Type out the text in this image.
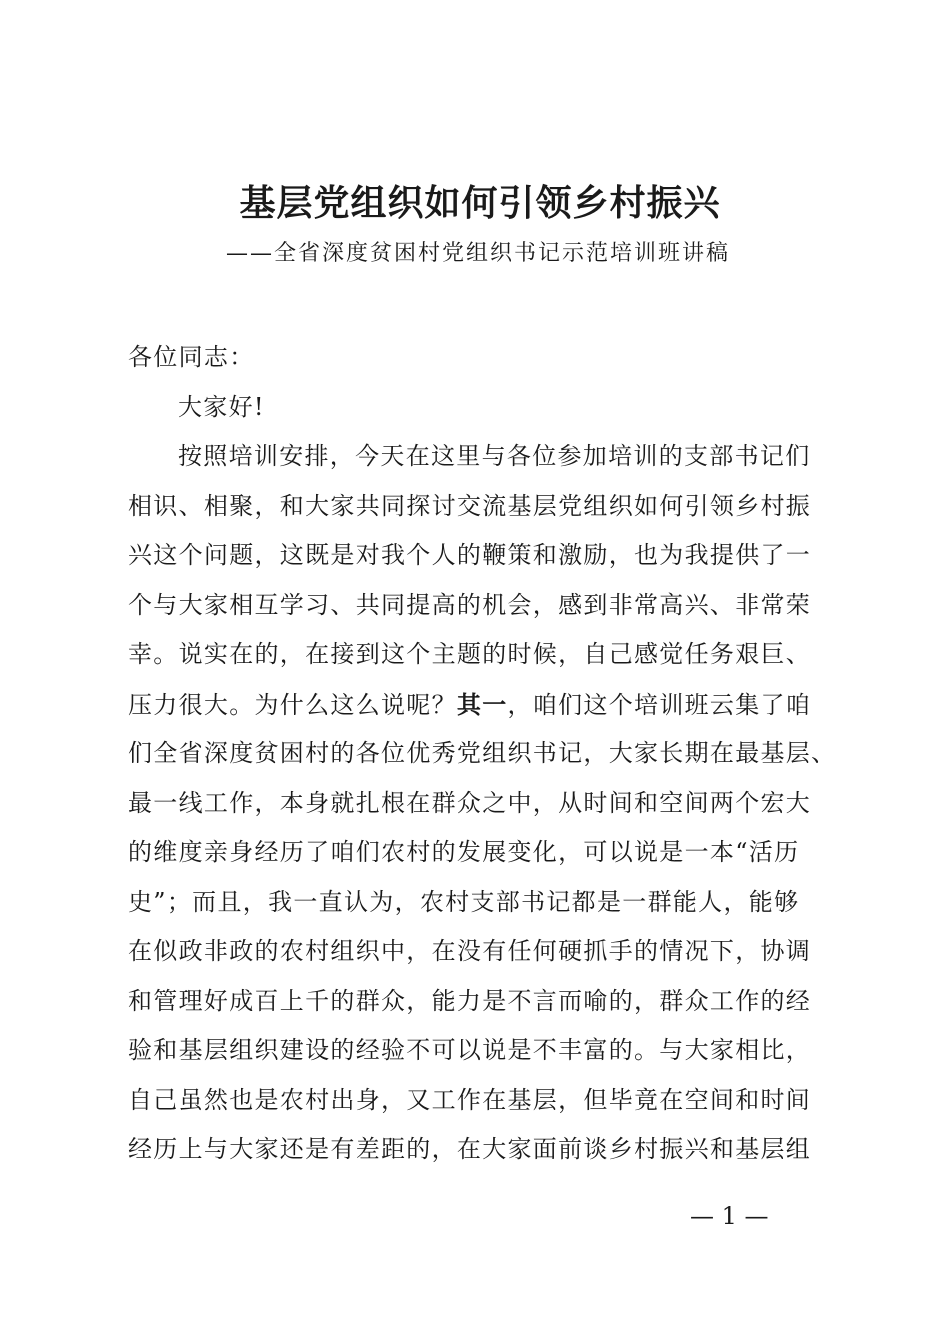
基层党组织如何引领乡村振兴
——全省深度贫困村党组织书记示范培训班讲稿
各位同志：
大家好!
按照培训安排，今天在这里与各位参加培训的支部书记们
相识、相聚，和大家共同探讨交流基层党组织如何引领乡村振
兴这个问题，这既是对我个人的鞭策和激励，也为我提供了一
个与大家相互学习、共同提高的机会，感到非常高兴、非常荣
幸。说实在的，在接到这个主题的时候，自己感觉任务艰巨、
压力很大。为什么这么说呢？其一，咱们这个培训班云集了咱
们全省深度贫困村的各位优秀党组织书记，大家长期在最基层、
最一线工作，本身就扎根在群众之中，从时间和空间两个宏大
的维度亲身经历了咱们农村的发展变化，可以说是一本“活历
史”；而且，我一直认为，农村支部书记都是一群能人，能够
在似政非政的农村组织中，在没有任何硬抓手的情况下，协调
和管理好成百上千的群众，能力是不言而喻的，群众工作的经
验和基层组织建设的经验不可以说是不丰富的。与大家相比，
自己虽然也是农村出身，又工作在基层，但毕竟在空间和时间
经历上与大家还是有差距的，在大家面前谈乡村振兴和基层组
— 1 —
